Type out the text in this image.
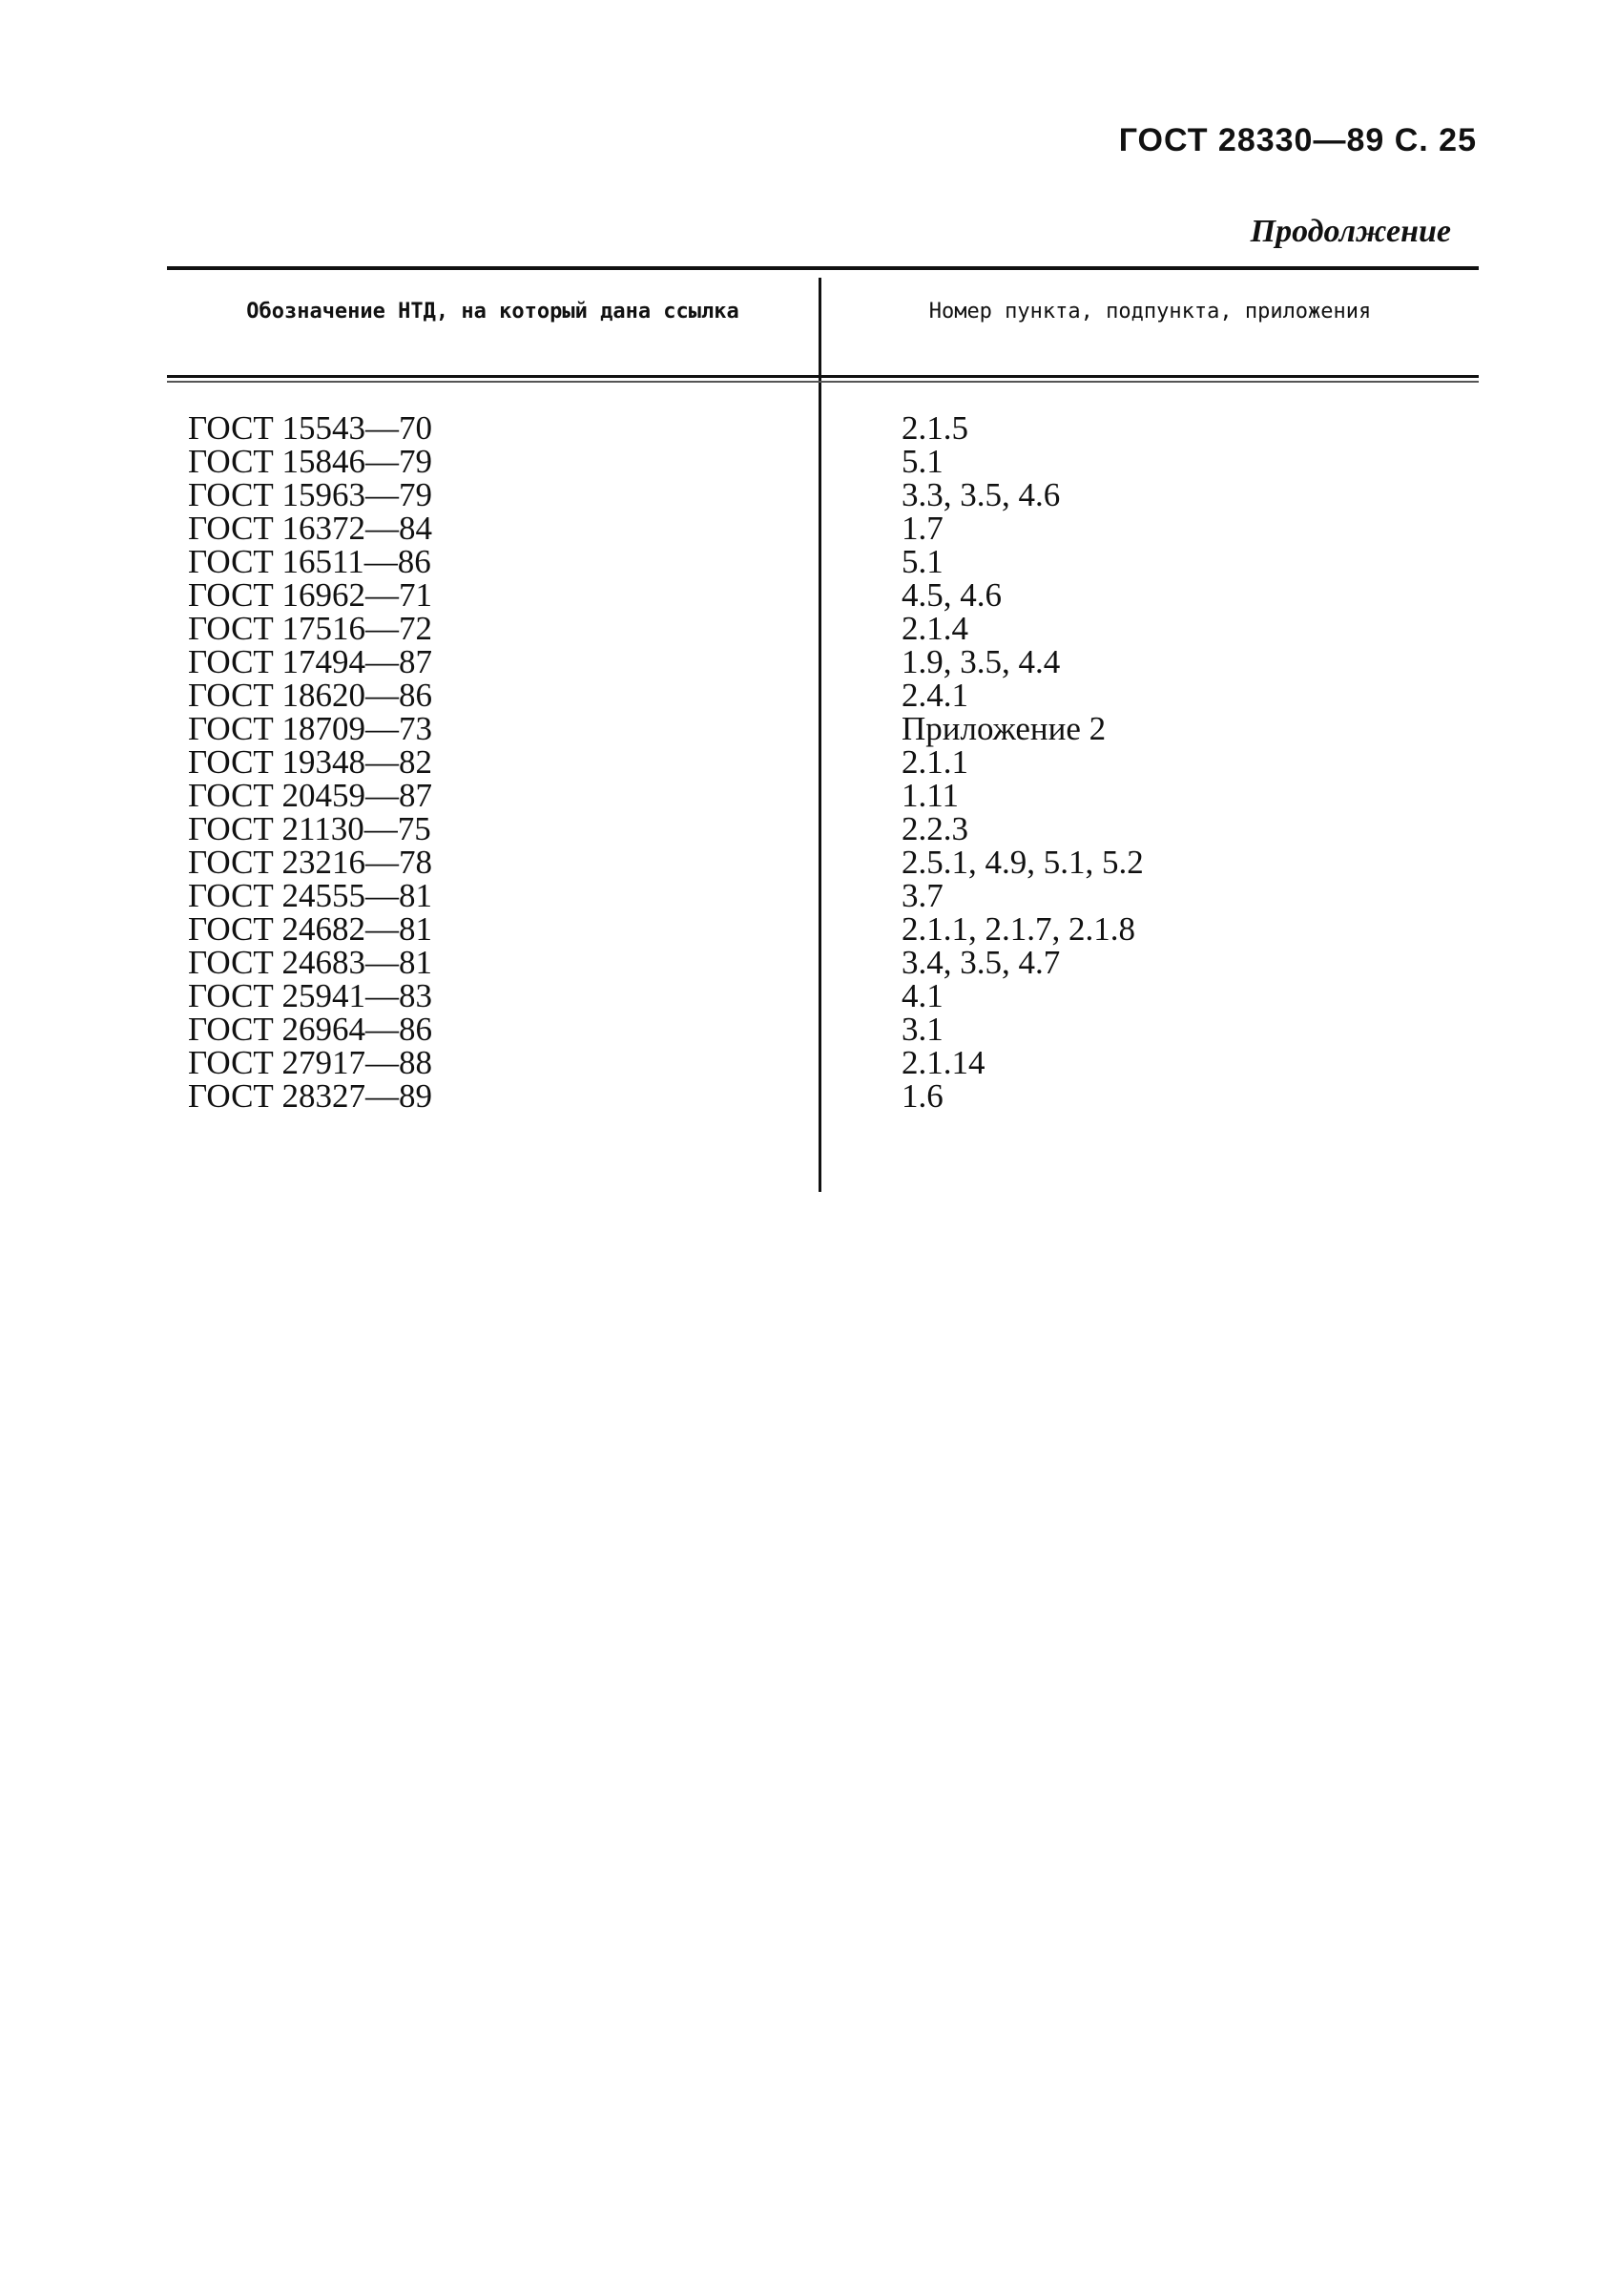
ГОСТ 28330—89 С. 25
Продолжение
Обозначение НТД, на который дана ссылка	Номер пункта, подпункта, приложения
ГОСТ 15543—70	2.1.5
ГОСТ 15846—79	5.1
ГОСТ 15963—79	3.3, 3.5, 4.6
ГОСТ 16372—84	1.7
ГОСТ 16511—86	5.1
ГОСТ 16962—71	4.5, 4.6
ГОСТ 17516—72	2.1.4
ГОСТ 17494—87	1.9, 3.5, 4.4
ГОСТ 18620—86	2.4.1
ГОСТ 18709—73	Приложение 2
ГОСТ 19348—82	2.1.1
ГОСТ 20459—87	1.11
ГОСТ 21130—75	2.2.3
ГОСТ 23216—78	2.5.1, 4.9, 5.1, 5.2
ГОСТ 24555—81	3.7
ГОСТ 24682—81	2.1.1, 2.1.7, 2.1.8
ГОСТ 24683—81	3.4, 3.5, 4.7
ГОСТ 25941—83	4.1
ГОСТ 26964—86	3.1
ГОСТ 27917—88	2.1.14
ГОСТ 28327—89	1.6
